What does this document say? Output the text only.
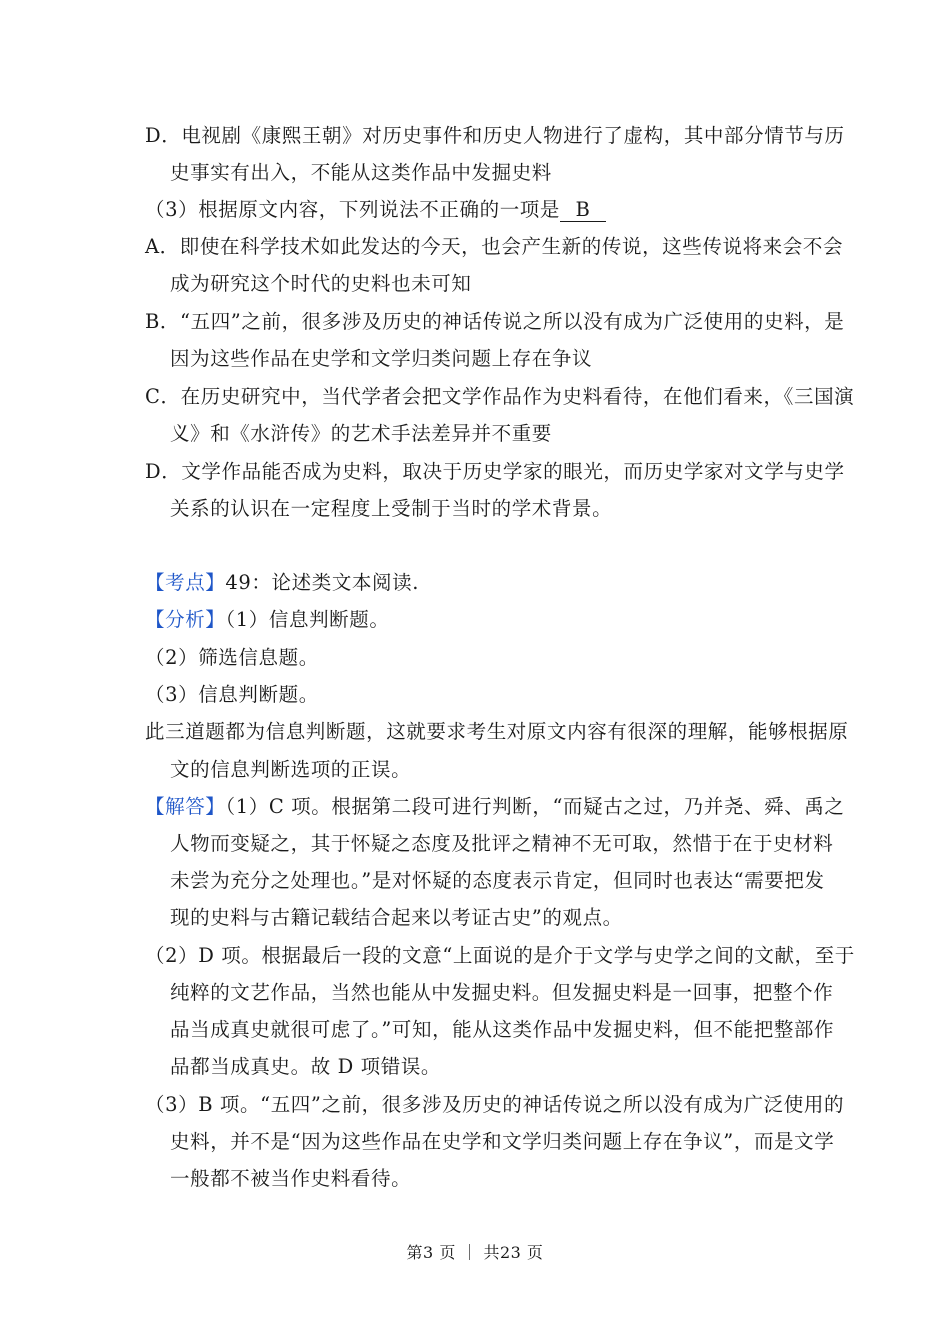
D．电视剧《康熙王朝》对历史事件和历史人物进行了虚构，其中部分情节与历
史事实有出入，不能从这类作品中发掘史料
（3）根据原文内容，下列说法不正确的一项是 B
A．即使在科学技术如此发达的今天，也会产生新的传说，这些传说将来会不会
成为研究这个时代的史料也未可知
B．“五四”之前，很多涉及历史的神话传说之所以没有成为广泛使用的史料，是
因为这些作品在史学和文学归类问题上存在争议
C．在历史研究中，当代学者会把文学作品作为史料看待，在他们看来，《三国演
义》和《水浒传》的艺术手法差异并不重要
D．文学作品能否成为史料，取决于历史学家的眼光，而历史学家对文学与史学
关系的认识在一定程度上受制于当时的学术背景。
【考点】49：论述类文本阅读.
【分析】（1）信息判断题。
（2）筛选信息题。
（3）信息判断题。
此三道题都为信息判断题，这就要求考生对原文内容有很深的理解，能够根据原
文的信息判断选项的正误。
【解答】（1）C 项。根据第二段可进行判断，“而疑古之过，乃并尧、舜、禹之
人物而变疑之，其于怀疑之态度及批评之精神不无可取，然惜于在于史材料
未尝为充分之处理也。”是对怀疑的态度表示肯定，但同时也表达“需要把发
现的史料与古籍记载结合起来以考证古史”的观点。
（2）D 项。根据最后一段的文意“上面说的是介于文学与史学之间的文献，至于
纯粹的文艺作品，当然也能从中发掘史料。但发掘史料是一回事，把整个作
品当成真史就很可虑了。”可知，能从这类作品中发掘史料，但不能把整部作
品都当成真史。故 D 项错误。
（3）B 项。“五四”之前，很多涉及历史的神话传说之所以没有成为广泛使用的
史料，并不是“因为这些作品在史学和文学归类问题上存在争议”，而是文学
一般都不被当作史料看待。
第3 页 ｜ 共23 页
